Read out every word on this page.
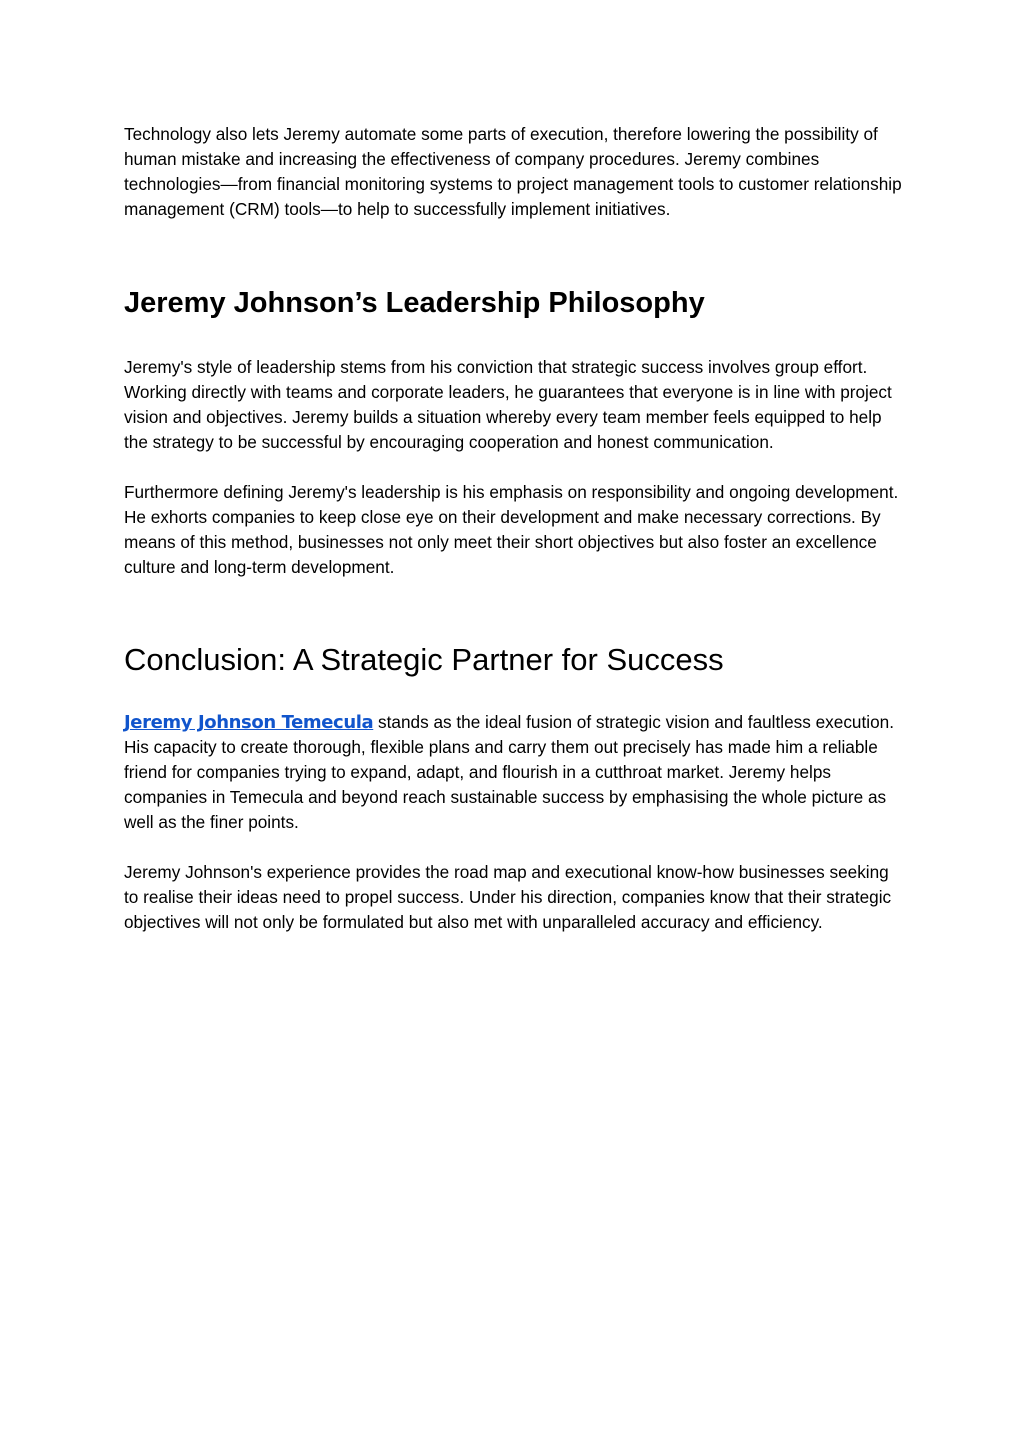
Technology also lets Jeremy automate some parts of execution, therefore lowering the possibility of human mistake and increasing the effectiveness of company procedures. Jeremy combines technologies—from financial monitoring systems to project management tools to customer relationship management (CRM) tools—to help to successfully implement initiatives.

Jeremy Johnson’s Leadership Philosophy

Jeremy's style of leadership stems from his conviction that strategic success involves group effort. Working directly with teams and corporate leaders, he guarantees that everyone is in line with project vision and objectives. Jeremy builds a situation whereby every team member feels equipped to help the strategy to be successful by encouraging cooperation and honest communication.

Furthermore defining Jeremy's leadership is his emphasis on responsibility and ongoing development. He exhorts companies to keep close eye on their development and make necessary corrections. By means of this method, businesses not only meet their short objectives but also foster an excellence culture and long-term development.

Conclusion: A Strategic Partner for Success

Jeremy Johnson Temecula stands as the ideal fusion of strategic vision and faultless execution. His capacity to create thorough, flexible plans and carry them out precisely has made him a reliable friend for companies trying to expand, adapt, and flourish in a cutthroat market. Jeremy helps companies in Temecula and beyond reach sustainable success by emphasising the whole picture as well as the finer points.

Jeremy Johnson's experience provides the road map and executional know-how businesses seeking to realise their ideas need to propel success. Under his direction, companies know that their strategic objectives will not only be formulated but also met with unparalleled accuracy and efficiency.
